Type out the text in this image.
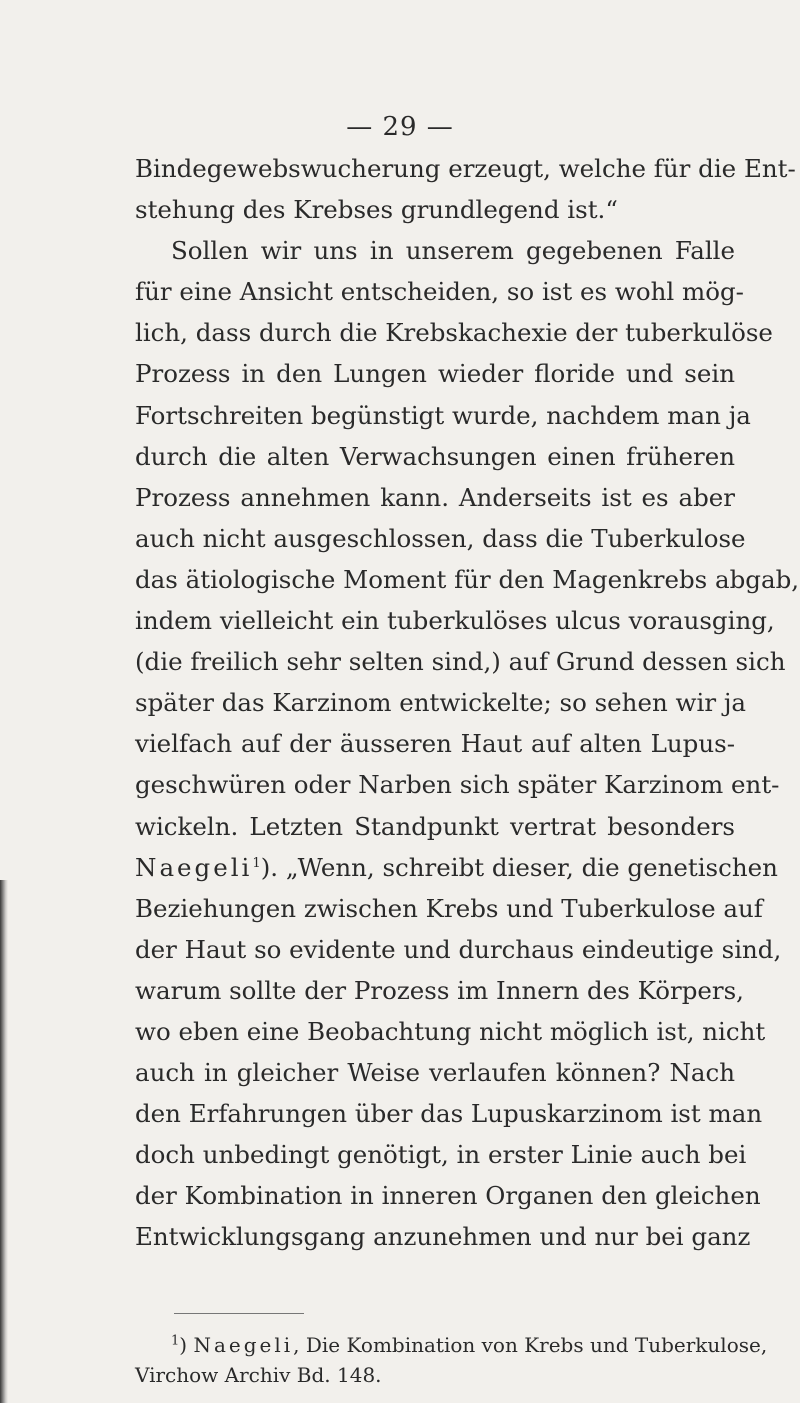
— 29 —
Bindegewebswucherung erzeugt, welche für die Ent-
stehung des Krebses grundlegend ist.“
Sollen wir uns in unserem gegebenen Falle
für eine Ansicht entscheiden, so ist es wohl mög-
lich, dass durch die Krebskachexie der tuberkulöse
Prozess in den Lungen wieder floride und sein
Fortschreiten begünstigt wurde, nachdem man ja
durch die alten Verwachsungen einen früheren
Prozess annehmen kann. Anderseits ist es aber
auch nicht ausgeschlossen, dass die Tuberkulose
das ätiologische Moment für den Magenkrebs abgab,
indem vielleicht ein tuberkulöses ulcus vorausging,
(die freilich sehr selten sind,) auf Grund dessen sich
später das Karzinom entwickelte; so sehen wir ja
vielfach auf der äusseren Haut auf alten Lupus-
geschwüren oder Narben sich später Karzinom ent-
wickeln. Letzten Standpunkt vertrat besonders
Naegeli$^1$). „Wenn, schreibt dieser, die genetischen
Beziehungen zwischen Krebs und Tuberkulose auf
der Haut so evidente und durchaus eindeutige sind,
warum sollte der Prozess im Innern des Körpers,
wo eben eine Beobachtung nicht möglich ist, nicht
auch in gleicher Weise verlaufen können? Nach
den Erfahrungen über das Lupuskarzinom ist man
doch unbedingt genötigt, in erster Linie auch bei
der Kombination in inneren Organen den gleichen
Entwicklungsgang anzunehmen und nur bei ganz
$^1$) Naegeli, Die Kombination von Krebs und Tuberkulose,
Virchow Archiv Bd. 148.
